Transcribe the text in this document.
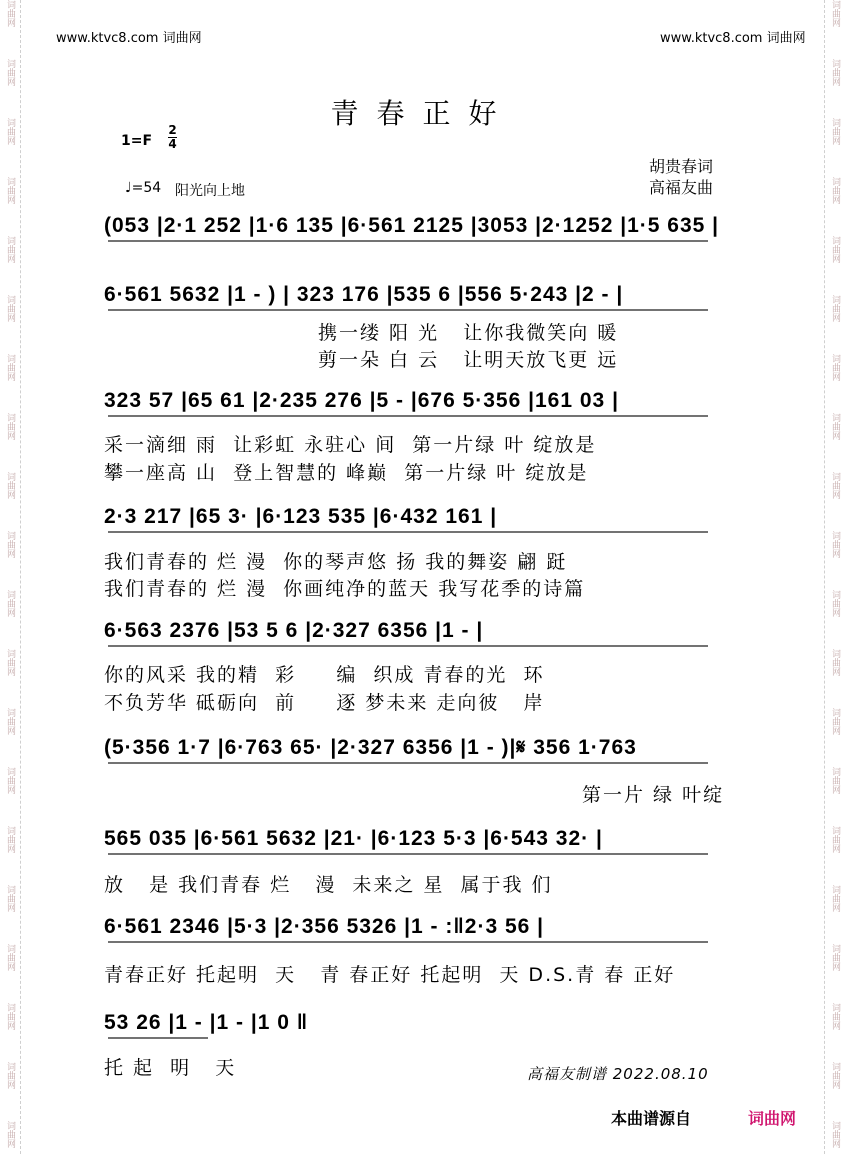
词曲网
词曲网
词曲网
词曲网
词曲网
词曲网
词曲网
词曲网
词曲网
词曲网
词曲网
词曲网
词曲网
词曲网
词曲网
词曲网
词曲网
词曲网
词曲网
词曲网
词曲网
词曲网
词曲网
词曲网
词曲网
词曲网
词曲网
词曲网
词曲网
词曲网
词曲网
词曲网
词曲网
词曲网
词曲网
词曲网
词曲网
词曲网
词曲网
词曲网
www.ktvc8.com 词曲网	www.ktvc8.com 词曲网
青春正好
1=F
2
4
♩=54 阳光向上地
胡贵春词
高福友曲
(053 |2·1 252 |1·6 135 |6·561 2125 |3053 |2·1252 |1·5 635 |
6·561 5632 |1 - ) | 323 176 |535 6 |556 5·243 |2 - |
携一缕 阳 光   让你我微笑向 暖
剪一朵 白 云   让明天放飞更 远
323 57 |65 61 |2·235 276 |5 - |676 5·356 |161 03 |
采一滴细 雨  让彩虹 永驻心 间  第一片绿 叶 绽放是
攀一座高 山  登上智慧的 峰巅  第一片绿 叶 绽放是
2·3 217 |65 3· |6·123 535 |6·432 161 |
我们青春的 烂 漫  你的琴声悠 扬 我的舞姿 翩 跹
我们青春的 烂 漫  你画纯净的蓝天 我写花季的诗篇
6·563 2376 |53 5 6 |2·327 6356 |1 - |
你的风采 我的精  彩     编  织成 青春的光  环
不负芳华 砥砺向  前     逐 梦未来 走向彼   岸
(5·356 1·7 |6·763 65· |2·327 6356 |1 - )|𝄋 356 1·763
第一片 绿 叶绽
565 035 |6·561 5632 |21· |6·123 5·3 |6·543 32· |
放   是 我们青春 烂   漫  未来之 星  属于我 们
6·561 2346 |5·3 |2·356 5326 |1 - :‖2·3 56 |
青春正好 托起明  天   青 春正好 托起明  天 D.S.青 春 正好
53 26 |1 - |1 - |1 0 ‖
托 起  明   天	高福友制谱 2022.08.10
本曲谱源自	词曲网
